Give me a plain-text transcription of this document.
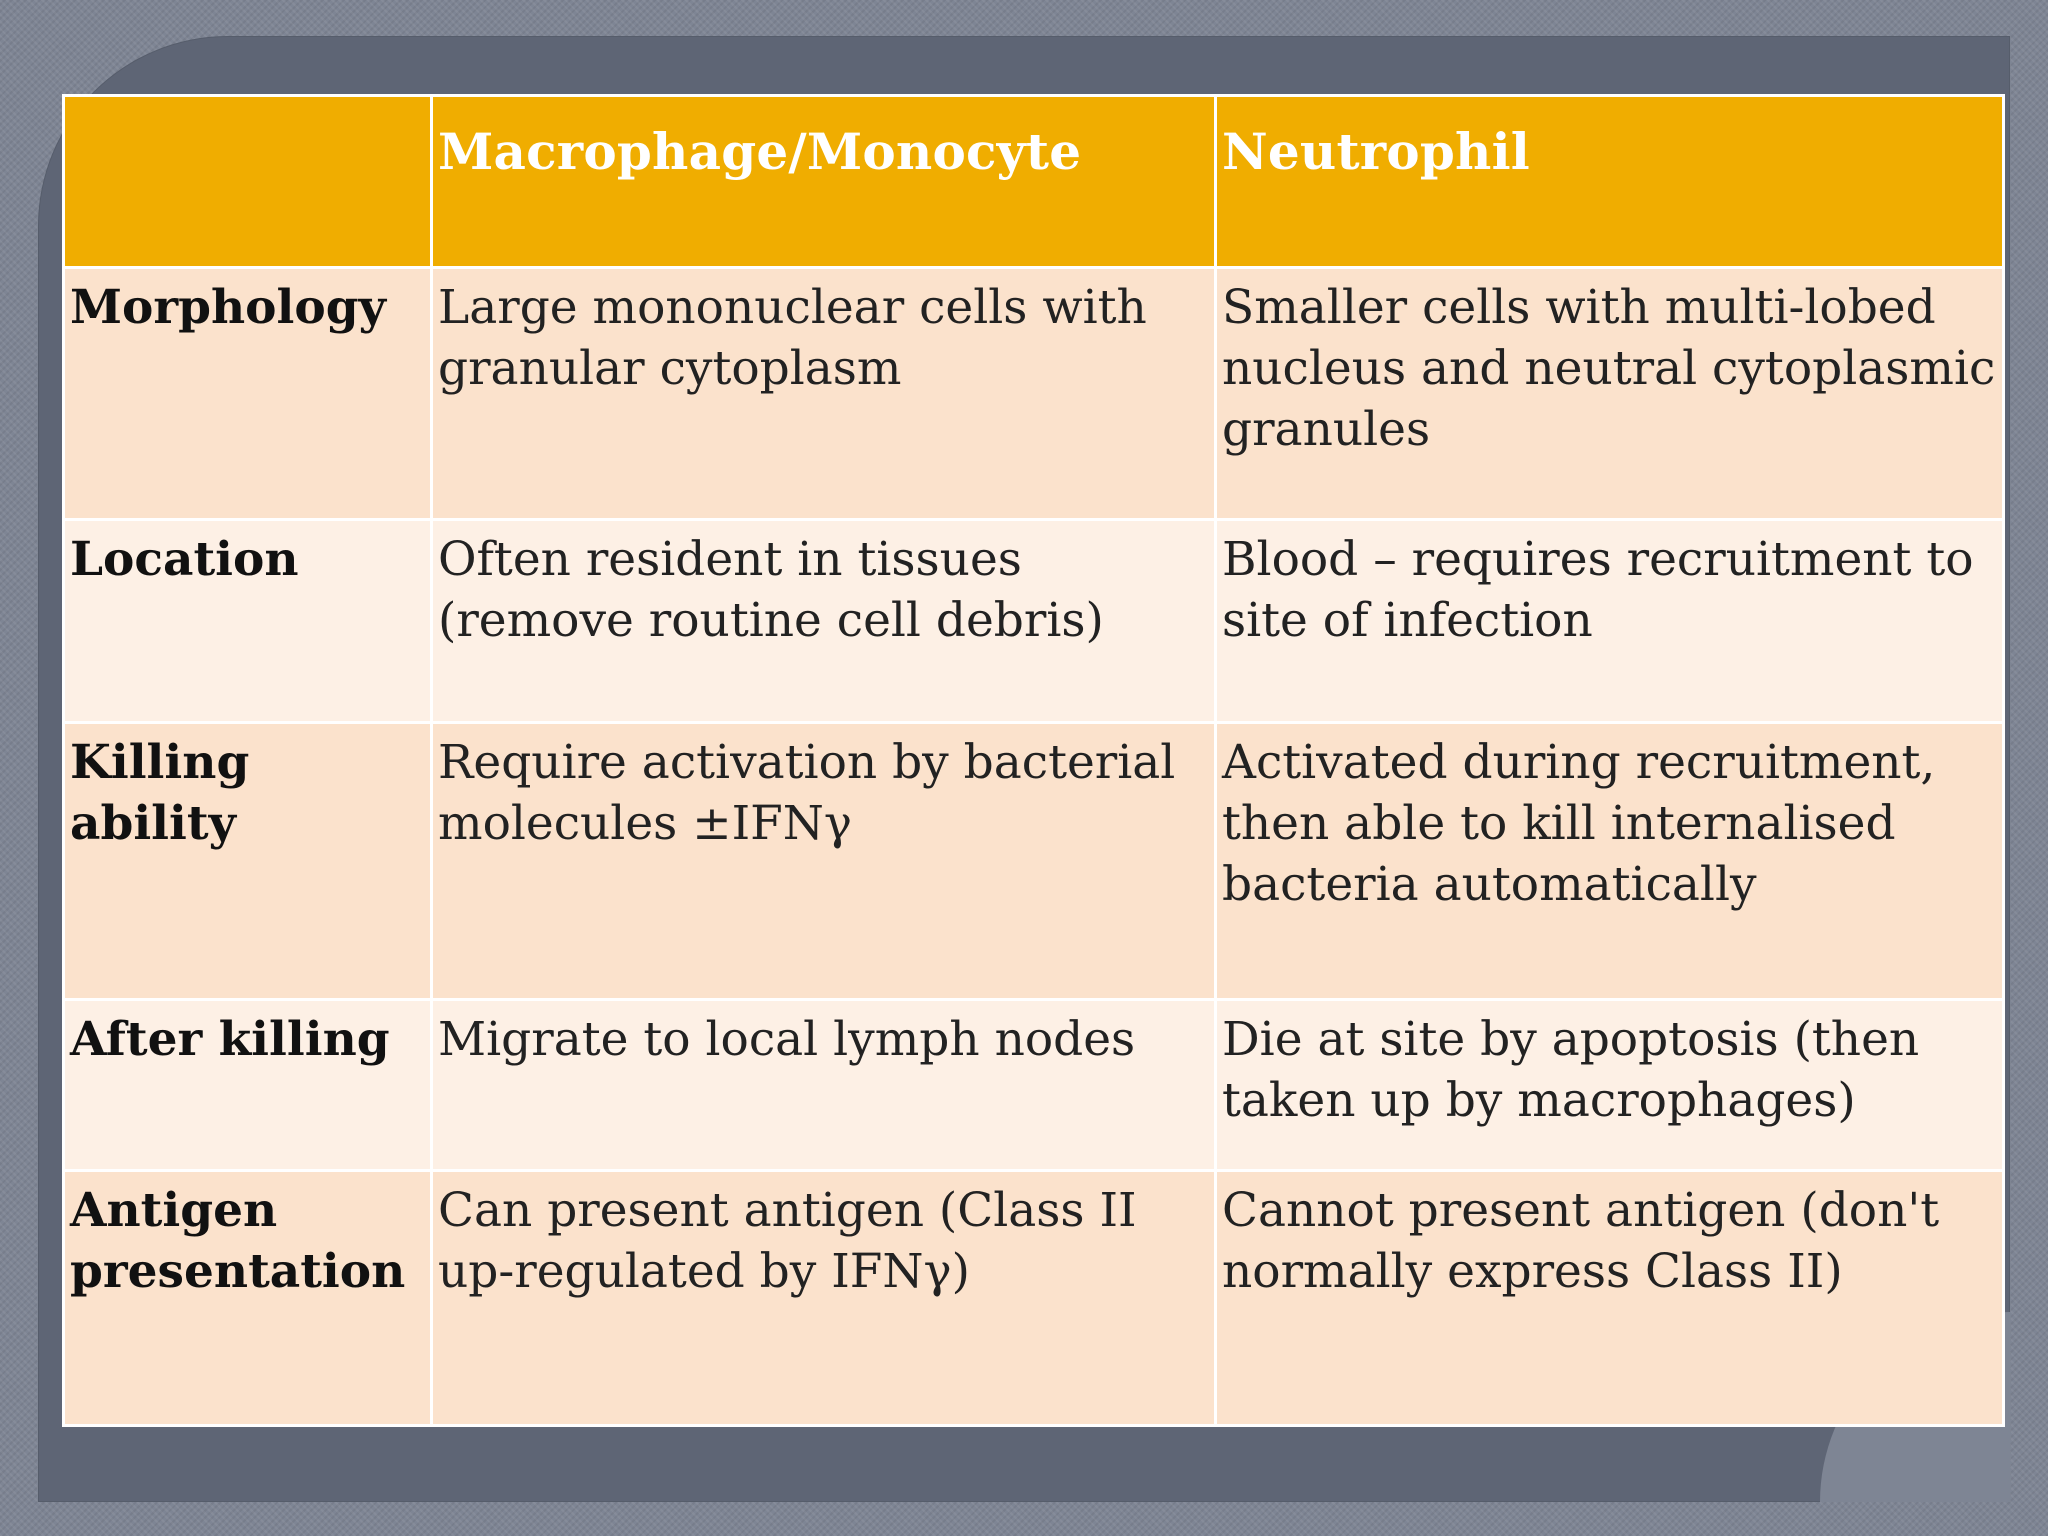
	Macrophage/Monocyte	Neutrophil
Morphology	Large mononuclear cells with granular cytoplasm	Smaller cells with multi-lobed nucleus and neutral cytoplasmic granules
Location	Often resident in tissues (remove routine cell debris)	Blood – requires recruitment to site of infection
Killing ability	Require activation by bacterial molecules ±IFNγ	Activated during recruitment, then able to kill internalised bacteria automatically
After killing	Migrate to local lymph nodes	Die at site by apoptosis (then taken up by macrophages)
Antigen presentation	Can present antigen (Class II up-regulated by IFNγ)	Cannot present antigen (don't normally express Class II)
